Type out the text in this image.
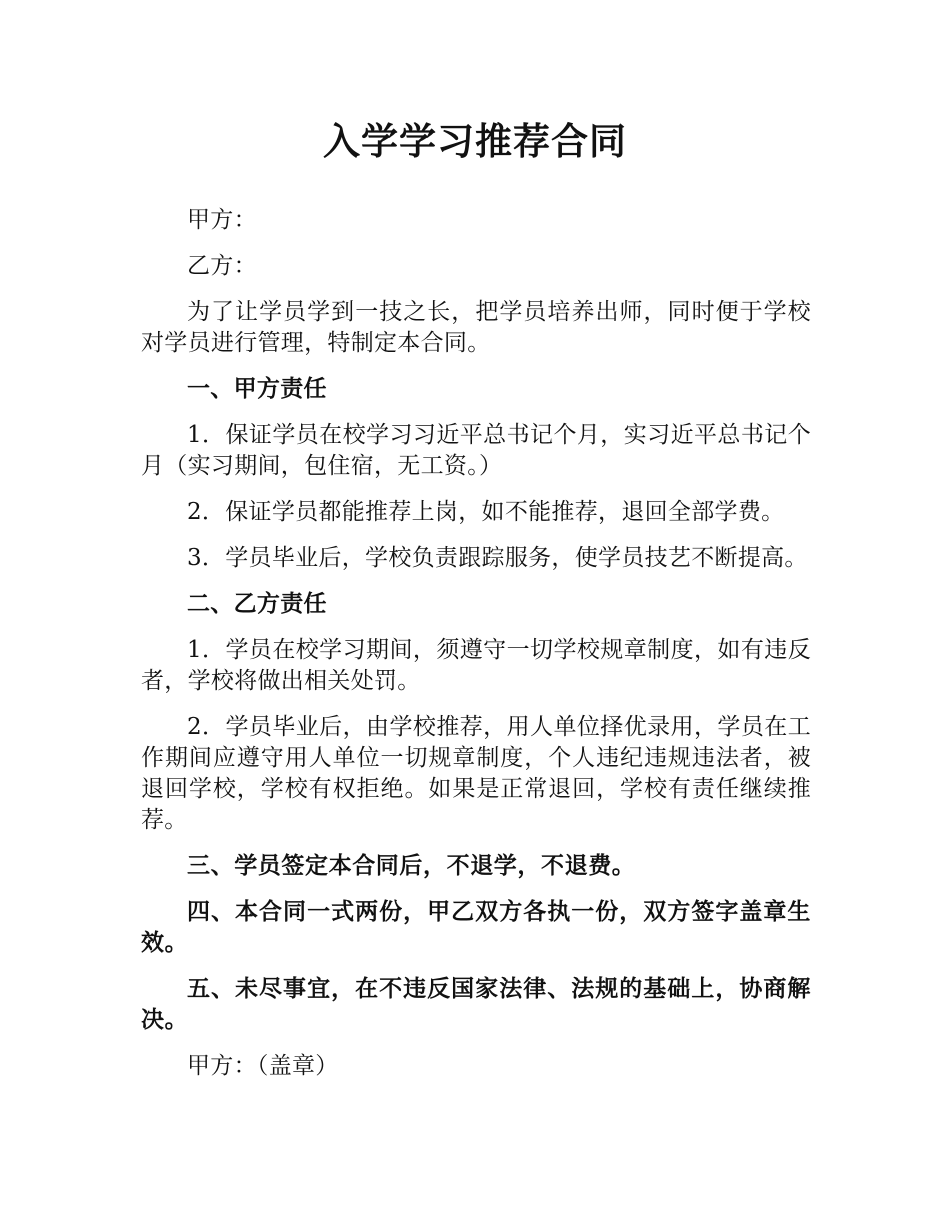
入学学习推荐合同

甲方：

乙方：

为了让学员学到一技之长，把学员培养出师，同时便于学校对学员进行管理，特制定本合同。

一、甲方责任

1．保证学员在校学习习近平总书记个月，实习近平总书记个月（实习期间，包住宿，无工资。）

2．保证学员都能推荐上岗，如不能推荐，退回全部学费。

3．学员毕业后，学校负责跟踪服务，使学员技艺不断提高。

二、乙方责任

1．学员在校学习期间，须遵守一切学校规章制度，如有违反者，学校将做出相关处罚。

2．学员毕业后，由学校推荐，用人单位择优录用，学员在工作期间应遵守用人单位一切规章制度，个人违纪违规违法者，被退回学校，学校有权拒绝。如果是正常退回，学校有责任继续推荐。

三、学员签定本合同后，不退学，不退费。

四、本合同一式两份，甲乙双方各执一份，双方签字盖章生效。

五、未尽事宜，在不违反国家法律、法规的基础上，协商解决。

甲方：（盖章）
